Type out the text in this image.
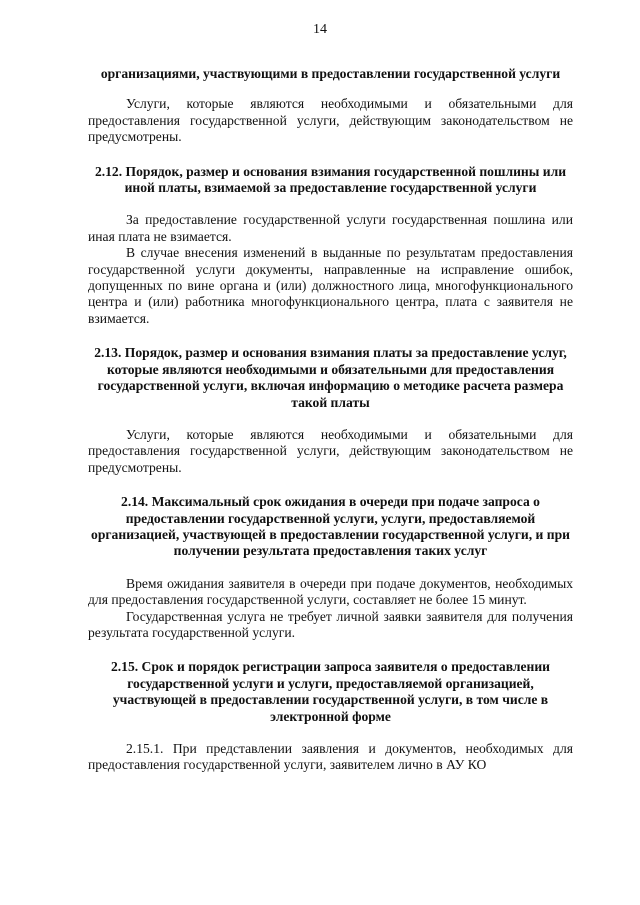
14
организациями, участвующими в предоставлении государственной услуги
Услуги, которые являются необходимыми и обязательными для предоставления государственной услуги, действующим законодательством не предусмотрены.
2.12. Порядок, размер и основания взимания государственной пошлины или иной платы, взимаемой за предоставление государственной услуги
За предоставление государственной услуги государственная пошлина или иная плата не взимается.
В случае внесения изменений в выданные по результатам предоставления государственной услуги документы, направленные на исправление ошибок, допущенных по вине органа и (или) должностного лица, многофункционального центра и (или) работника многофункционального центра, плата с заявителя не взимается.
2.13. Порядок, размер и основания взимания платы за предоставление услуг, которые являются необходимыми и обязательными для предоставления государственной услуги, включая информацию о методике расчета размера такой платы
Услуги, которые являются необходимыми и обязательными для предоставления государственной услуги, действующим законодательством не предусмотрены.
2.14. Максимальный срок ожидания в очереди при подаче запроса о предоставлении государственной услуги, услуги, предоставляемой организацией, участвующей в предоставлении государственной услуги, и при получении результата предоставления таких услуг
Время ожидания заявителя в очереди при подаче документов, необходимых для предоставления государственной услуги, составляет не более 15 минут.
Государственная услуга не требует личной заявки заявителя для получения результата государственной услуги.
2.15. Срок и порядок регистрации запроса заявителя о предоставлении государственной услуги и услуги, предоставляемой организацией, участвующей в предоставлении государственной услуги, в том числе в электронной форме
2.15.1. При представлении заявления и документов, необходимых для предоставления государственной услуги, заявителем лично в АУ КО
